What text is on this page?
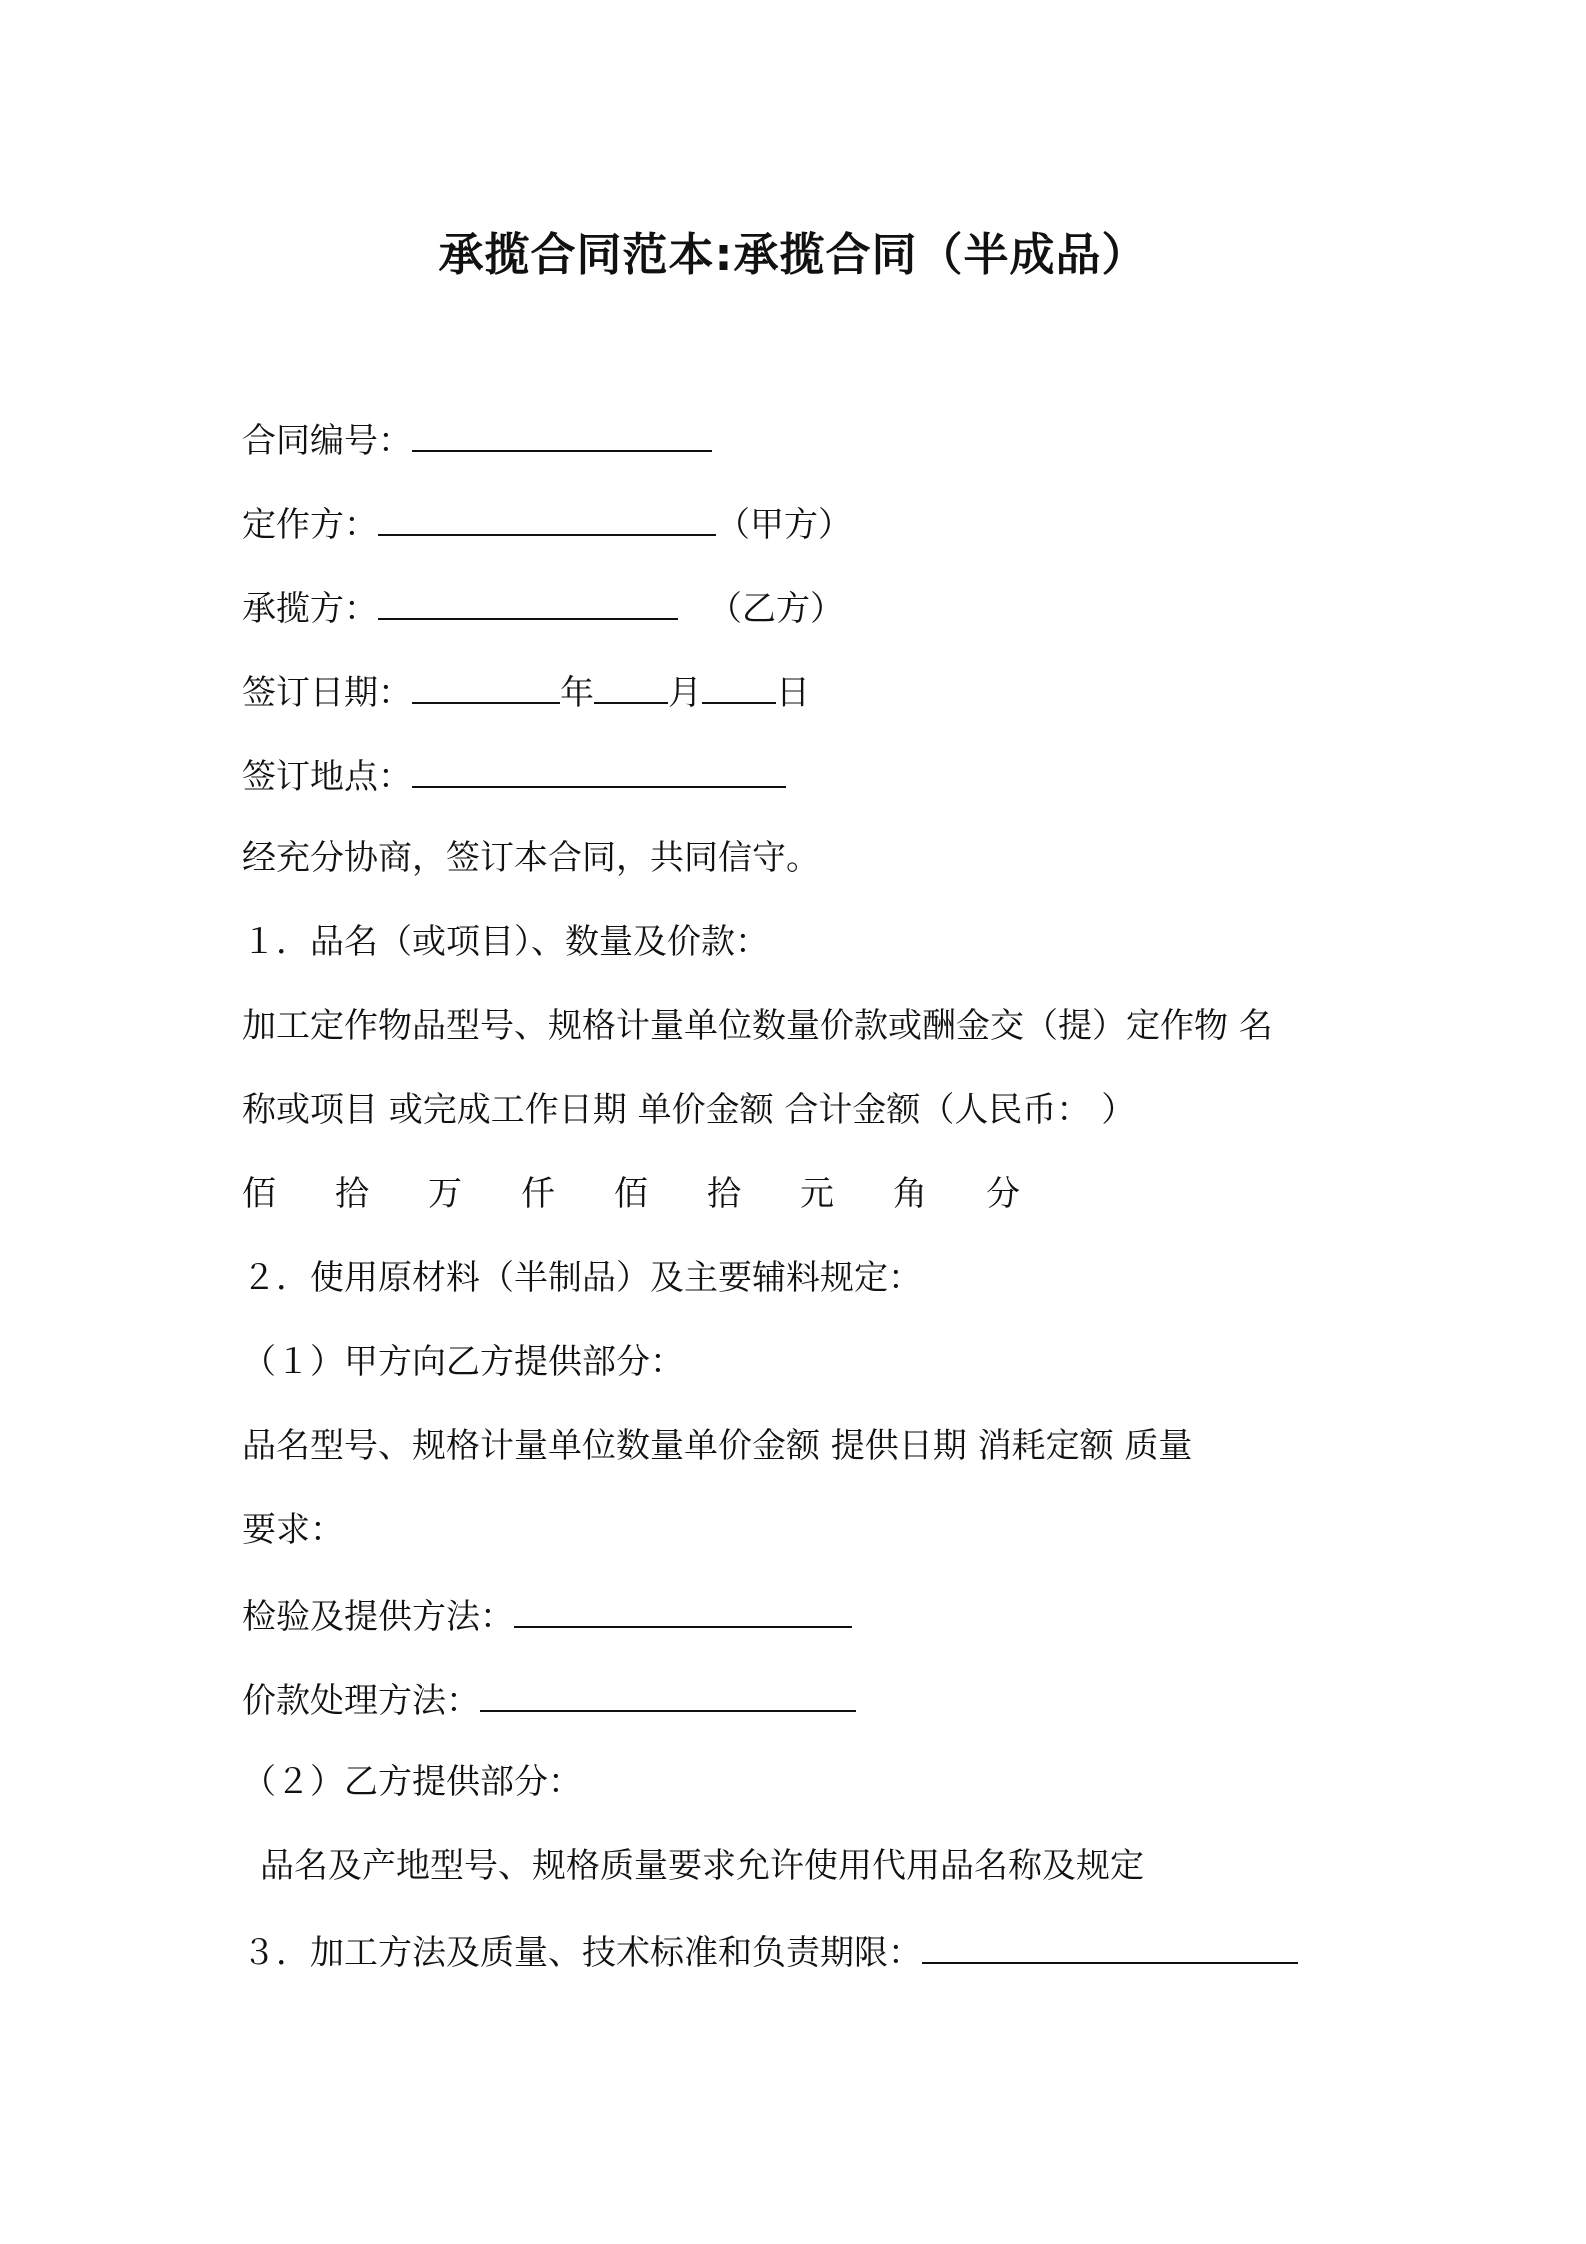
承揽合同范本:承揽合同（半成品）
合同编号：
定作方：	（甲方）
承揽方：	（乙方）
签订日期：	年 月 日
签订地点：
经充分协商，签订本合同，共同信守。
１．品名（或项目）、数量及价款：
加工定作物品型号、规格计量单位数量价款或酬金交（提）定作物 名
称或项目 或完成工作日期 单价金额 合计金额（人民币： ）
佰 拾 万 仟 佰 拾 元 角 分
２．使用原材料（半制品）及主要辅料规定：
（１）甲方向乙方提供部分：
品名型号、规格计量单位数量单价金额 提供日期 消耗定额 质量
要求：
检验及提供方法：
价款处理方法：
（２）乙方提供部分：
品名及产地型号、规格质量要求允许使用代用品名称及规定
３．加工方法及质量、技术标准和负责期限：
